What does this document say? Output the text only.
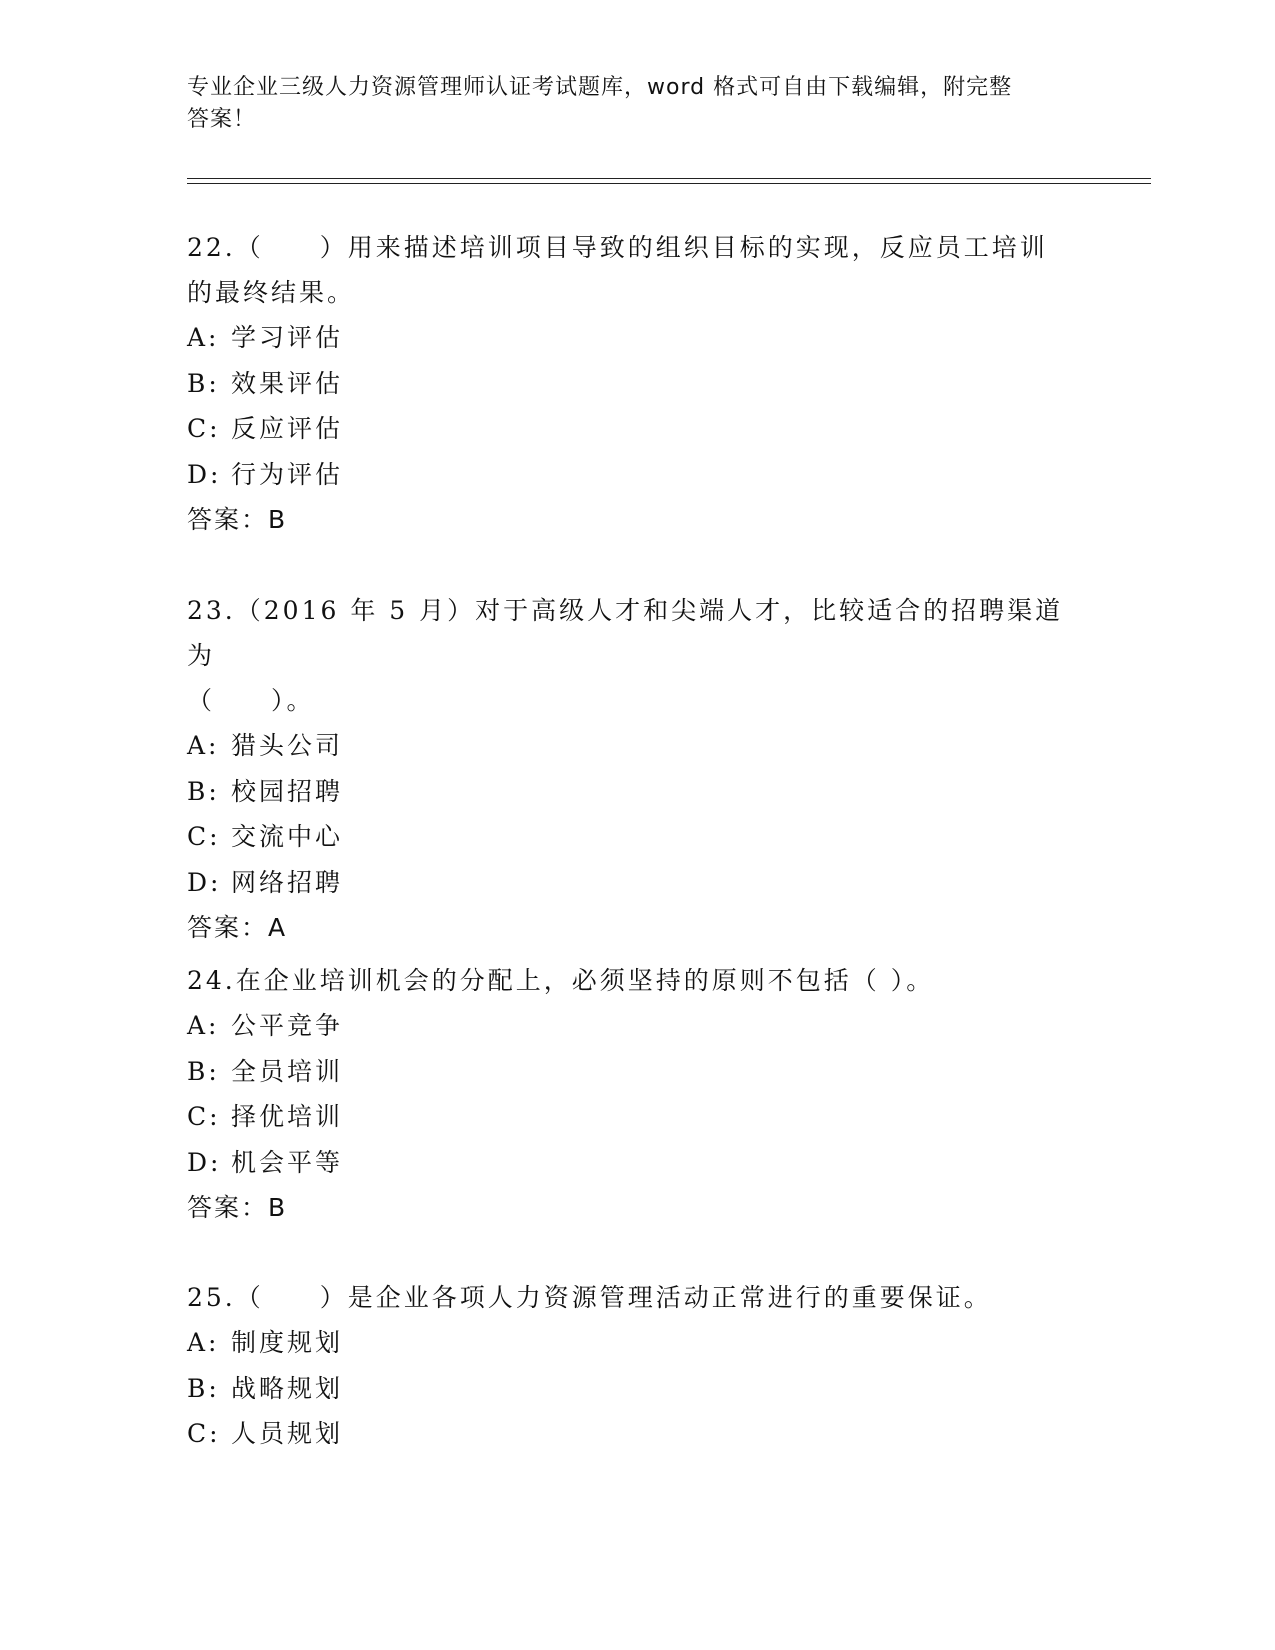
专业企业三级人力资源管理师认证考试题库，word 格式可自由下载编辑，附完整
答案！

22.（　　）用来描述培训项目导致的组织目标的实现，反应员工培训

的最终结果。

A: 学习评估

B: 效果评估

C: 反应评估

D: 行为评估

答案：B

23.（2016 年 5 月）对于高级人才和尖端人才，比较适合的招聘渠道为

（　　）。

A: 猎头公司

B: 校园招聘

C: 交流中心

D: 网络招聘

答案：A

24.在企业培训机会的分配上，必须坚持的原则不包括（ ）。

A: 公平竞争

B: 全员培训

C: 择优培训

D: 机会平等

答案：B

25.（　　）是企业各项人力资源管理活动正常进行的重要保证。

A: 制度规划

B: 战略规划

C: 人员规划
